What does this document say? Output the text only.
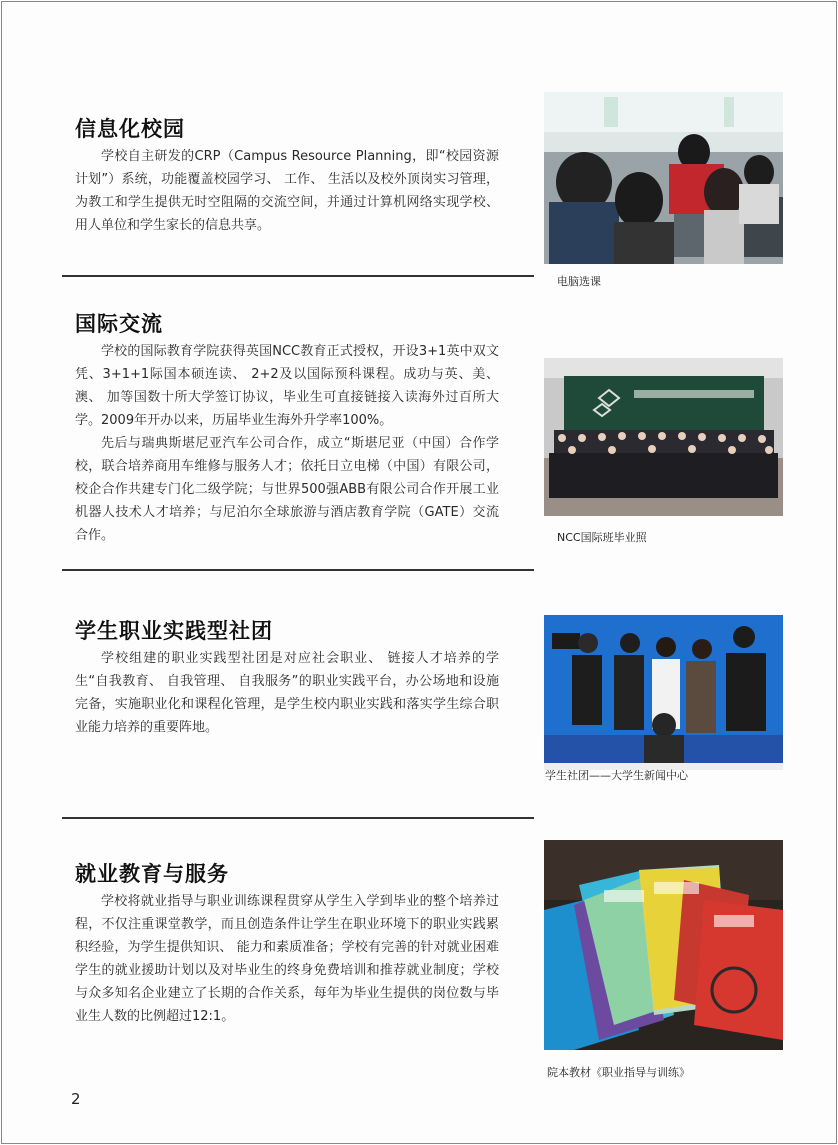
信息化校园
学校自主研发的CRP（Campus Resource Planning，即“校园资源计划”）系统，功能覆盖校园学习、 工作、 生活以及校外顶岗实习管理，为教工和学生提供无时空阻隔的交流空间，并通过计算机网络实现学校、用人单位和学生家长的信息共享。
电脑选课
国际交流
学校的国际教育学院获得英国NCC教育正式授权，开设3+1英中双文凭、3+1+1际国本硕连读、 2+2及以国际预科课程。成功与英、美、 澳、 加等国数十所大学签订协议，毕业生可直接链接入读海外过百所大学。2009年开办以来，历届毕业生海外升学率100%。
先后与瑞典斯堪尼亚汽车公司合作，成立“斯堪尼亚（中国）合作学校，联合培养商用车维修与服务人才；依托日立电梯（中国）有限公司，校企合作共建专门化二级学院；与世界500强ABB有限公司合作开展工业机器人技术人才培养；与尼泊尔全球旅游与酒店教育学院（GATE）交流合作。	NCC国际班毕业照
学生职业实践型社团
学校组建的职业实践型社团是对应社会职业、 链接人才培养的学生“自我教育、 自我管理、 自我服务”的职业实践平台，办公场地和设施完备，实施职业化和课程化管理，是学生校内职业实践和落实学生综合职业能力培养的重要阵地。
学生社团——大学生新闻中心
就业教育与服务
学校将就业指导与职业训练课程贯穿从学生入学到毕业的整个培养过程，不仅注重课堂教学，而且创造条件让学生在职业环境下的职业实践累积经验，为学生提供知识、 能力和素质准备；学校有完善的针对就业困难学生的就业援助计划以及对毕业生的终身免费培训和推荐就业制度；学校与众多知名企业建立了长期的合作关系，每年为毕业生提供的岗位数与毕业生人数的比例超过12:1。
院本教材《职业指导与训练》
2
